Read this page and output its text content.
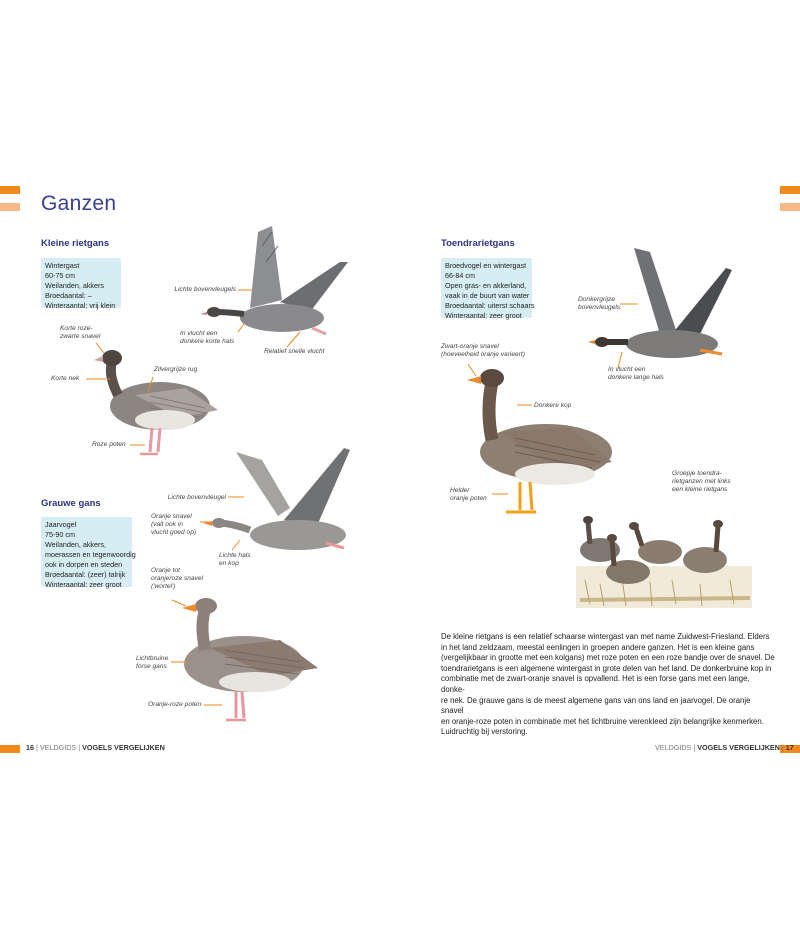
Ganzen
Kleine rietgans
Wintergast
60-75 cm
Weilanden, akkers
Broedaantal: –
Winteraantal: vrij klein
Lichte bovenvleugels
In vlucht een
donkere korte hals
Relatief snelle vlucht
Korte roze-
zwarte snavel
Korte nek
Zilvergrijze rug
Roze poten
Grauwe gans
Jaarvogel
75-90 cm
Weilanden, akkers,
moerassen en tegenwoordig
ook in dorpen en steden
Broedaantal: (zeer) talrijk
Winteraantal: zeer groot
Lichte bovenvleugel
Oranje snavel
(valt ook in
vlucht goed op)
Lichte hals
en kop
Oranje tot
oranjeroze snavel
('wortel')
Lichtbruine
forse gans
Oranje-roze poten
Toendrarietgans
Broedvogel en wintergast
66-84 cm
Open gras- en akkerland,
vaak in de buurt van water
Broedaantal: uiterst schaars
Winteraantal: zeer groot
Donkergrijze
bovenvleugels
In vlucht een
donkere lange hals
Zwart-oranje snavel
(hoeveelheid oranje varieert)
Donkere kop
Helder
oranje poten
Groepje toendra-
rietganzen met links
een kleine rietgans
De kleine rietgans is een relatief schaarse wintergast van met name Zuidwest-Friesland. Elders
in het land zeldzaam, meestal eenlingen in groepen andere ganzen. Het is een kleine gans
(vergelijkbaar in grootte met een kolgans) met roze poten en een roze bandje over de snavel. De
toendrarietgans is een algemene wintergast in grote delen van het land. De donkerbruine kop in
combinatie met de zwart-oranje snavel is opvallend. Het is een forse gans met een lange, donke-
re nek. De grauwe gans is de meest algemene gans van ons land en jaarvogel. De oranje snavel
en oranje-roze poten in combinatie met het lichtbruine verenkleed zijn belangrijke kenmerken.
Luidruchtig bij verstoring.
16 | VELDGIDS | VOGELS VERGELIJKEN	VELDGIDS | VOGELS VERGELIJKEN | 17
